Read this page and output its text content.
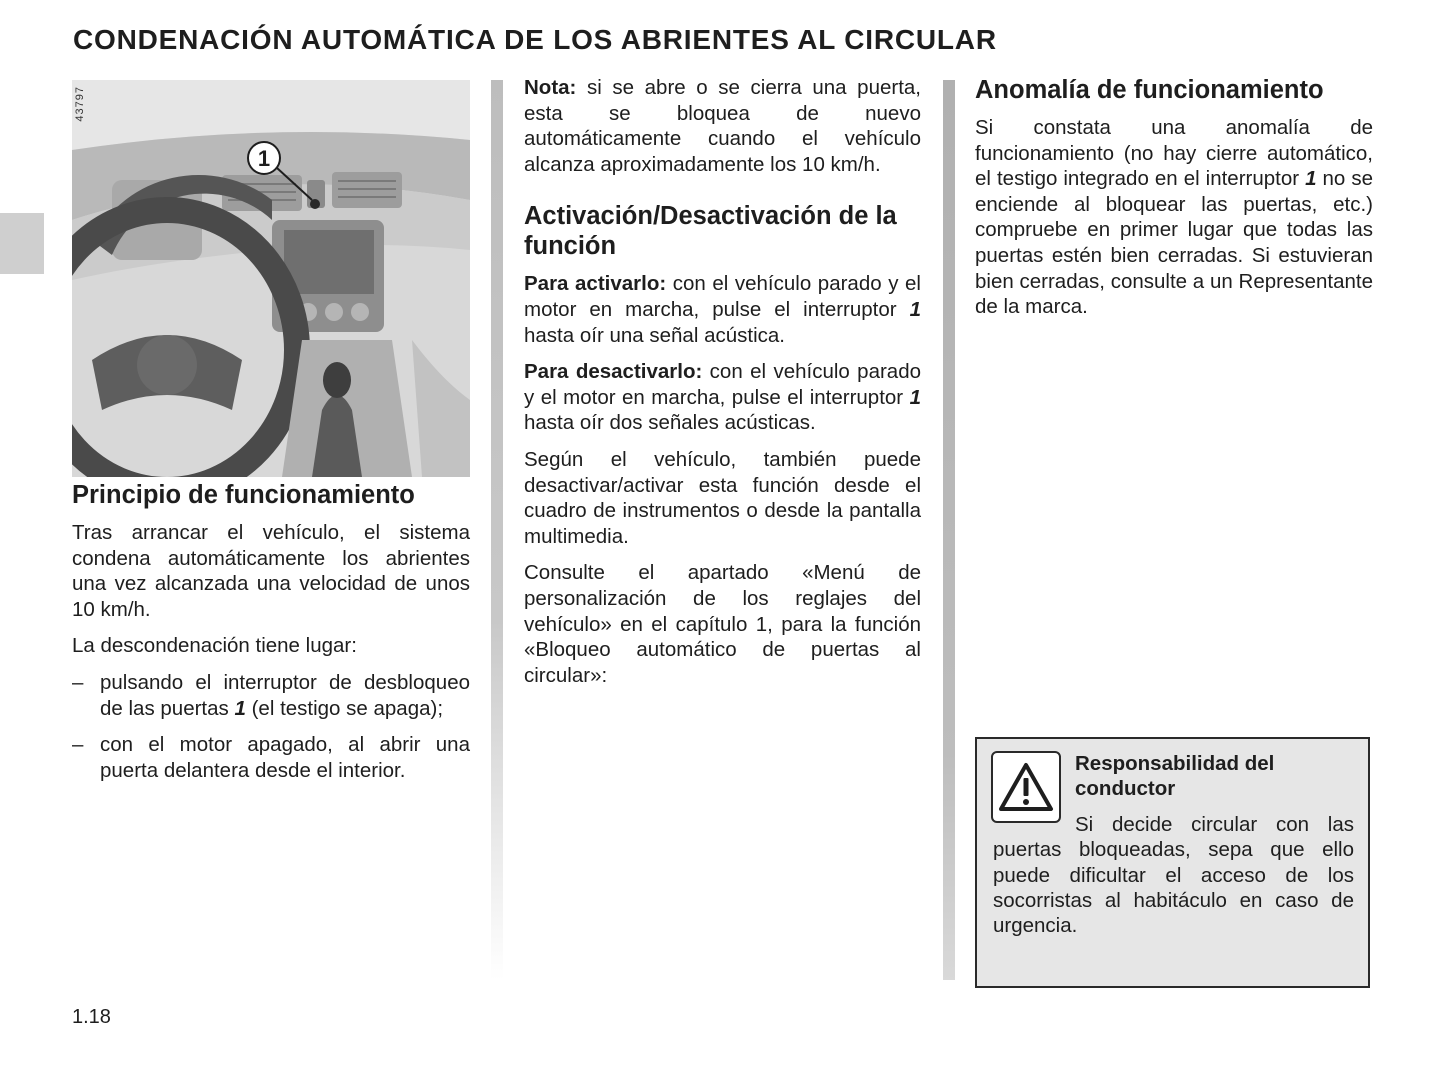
CONDENACIÓN AUTOMÁTICA DE LOS ABRIENTES AL CIRCULAR
1
43797
Principio de funcionamiento

Tras arrancar el vehículo, el sistema condena automáticamente los abrientes una vez alcanzada una velocidad de unos 10 km/h.

La descondenación tiene lugar:

– pulsando el interruptor de desbloqueo de las puertas 1 (el testigo se apaga);
– con el motor apagado, al abrir una puerta delantera desde el interior.

Nota: si se abre o se cierra una puerta, esta se bloquea de nuevo automáticamente cuando el vehículo alcanza aproximadamente los 10 km/h.

Activación/Desactivación de la función

Para activarlo: con el vehículo parado y el motor en marcha, pulse el interruptor 1 hasta oír una señal acústica.

Para desactivarlo: con el vehículo parado y el motor en marcha, pulse el interruptor 1 hasta oír dos señales acústicas.

Según el vehículo, también puede desactivar/activar esta función desde el cuadro de instrumentos o desde la pantalla multimedia.

Consulte el apartado «Menú de personalización de los reglajes del vehículo» en el capítulo 1, para la función «Bloqueo automático de puertas al circular»:

Anomalía de funcionamiento

Si constata una anomalía de funcionamiento (no hay cierre automático, el testigo integrado en el interruptor 1 no se enciende al bloquear las puertas, etc.) compruebe en primer lugar que todas las puertas estén bien cerradas. Si estuvieran bien cerradas, consulte a un Representante de la marca.

Responsabilidad del conductor

Si decide circular con las puertas bloqueadas, sepa que ello puede dificultar el acceso de los socorristas al habitáculo en caso de urgencia.

1.18
